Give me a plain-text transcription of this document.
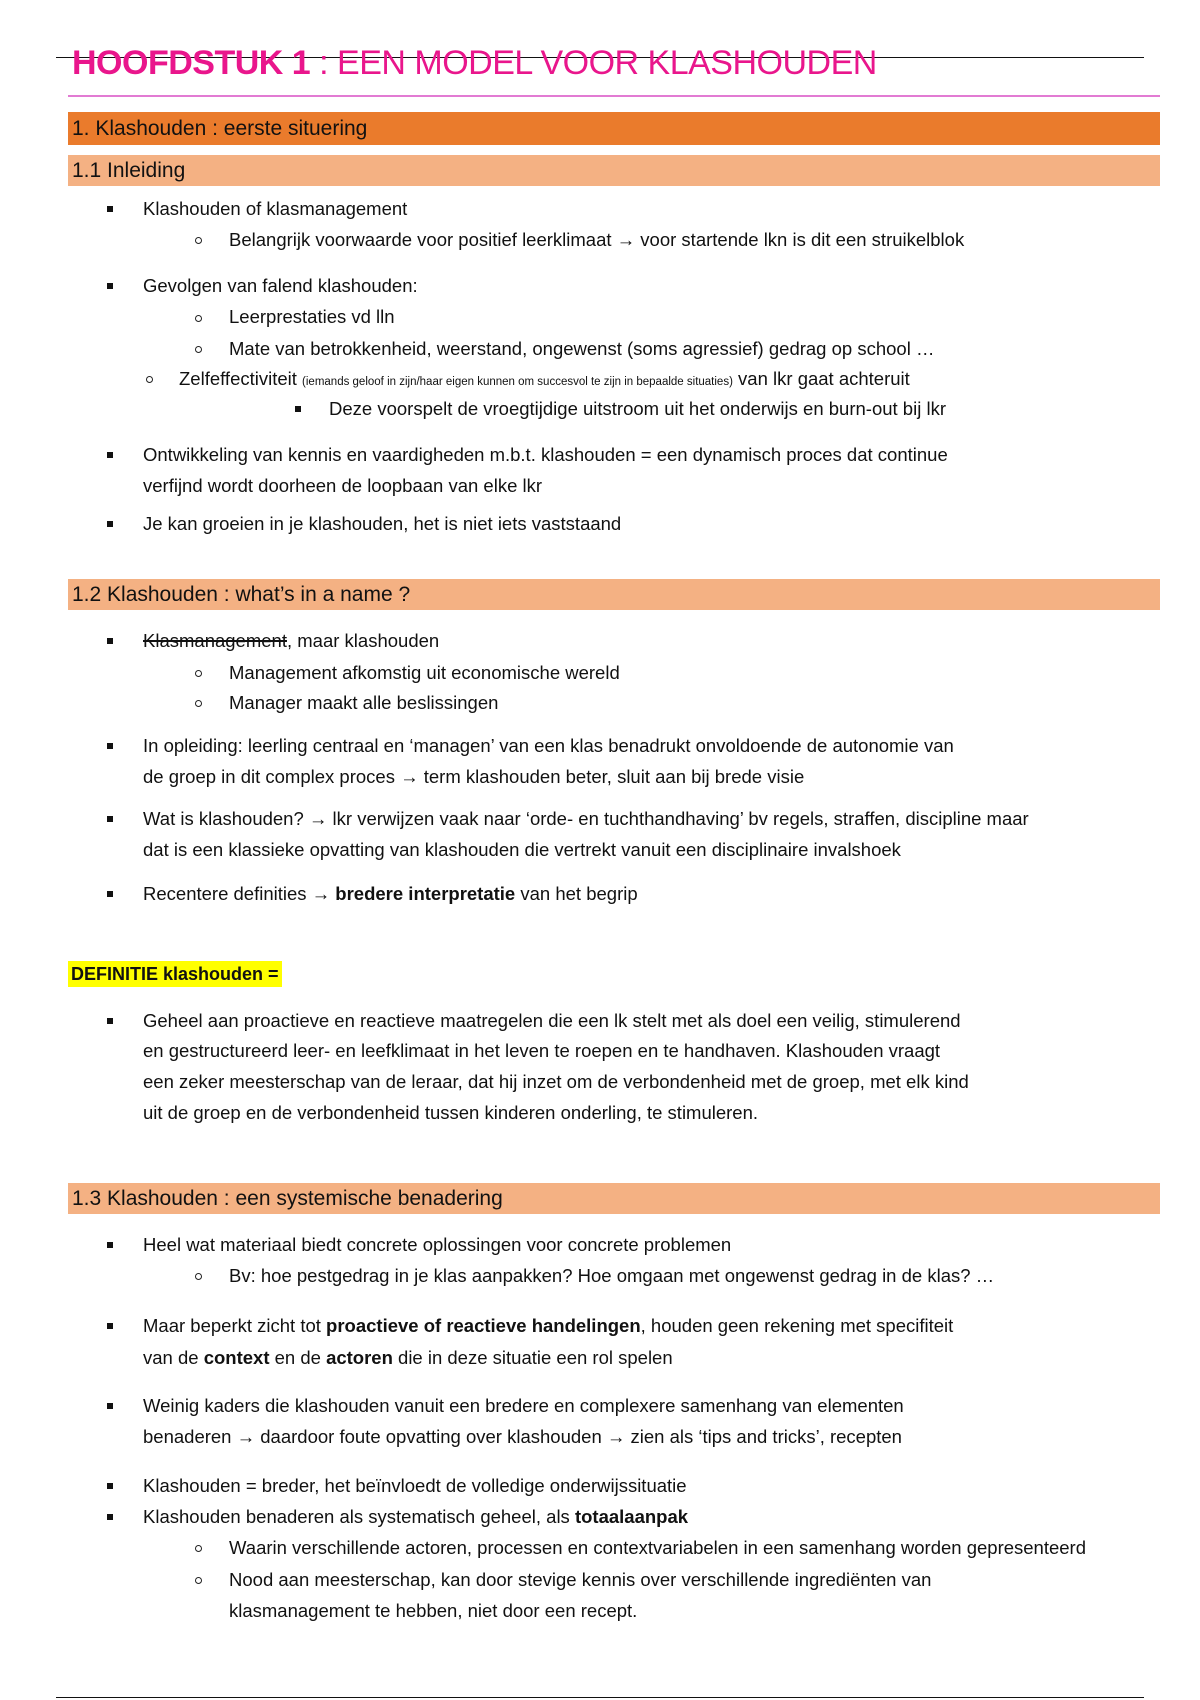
HOOFDSTUK 1 : EEN MODEL VOOR KLASHOUDEN
1. Klashouden : eerste situering
1.1 Inleiding
Klashouden of klasmanagement
Belangrijk voorwaarde voor positief leerklimaat → voor startende lkn is dit een struikelblok
Gevolgen van falend klashouden:
Leerprestaties vd lln
Mate van betrokkenheid, weerstand, ongewenst (soms agressief) gedrag op school …
Zelfeffectiviteit (iemands geloof in zijn/haar eigen kunnen om succesvol te zijn in bepaalde situaties) van lkr gaat achteruit
Deze voorspelt de vroegtijdige uitstroom uit het onderwijs en burn-out bij lkr
Ontwikkeling van kennis en vaardigheden m.b.t. klashouden = een dynamisch proces dat continue
verfijnd wordt doorheen de loopbaan van elke lkr
Je kan groeien in je klashouden, het is niet iets vaststaand
1.2 Klashouden : what’s in a name ?
Klasmanagement, maar klashouden
Management afkomstig uit economische wereld
Manager maakt alle beslissingen
In opleiding: leerling centraal en ‘managen’ van een klas benadrukt onvoldoende de autonomie van
de groep in dit complex proces → term klashouden beter, sluit aan bij brede visie
Wat is klashouden? → lkr verwijzen vaak naar ‘orde- en tuchthandhaving’ bv regels, straffen, discipline maar
dat is een klassieke opvatting van klashouden die vertrekt vanuit een disciplinaire invalshoek
Recentere definities → bredere interpretatie van het begrip
DEFINITIE klashouden =
Geheel aan proactieve en reactieve maatregelen die een lk stelt met als doel een veilig, stimulerend
en gestructureerd leer- en leefklimaat in het leven te roepen en te handhaven. Klashouden vraagt
een zeker meesterschap van de leraar, dat hij inzet om de verbondenheid met de groep, met elk kind
uit de groep en de verbondenheid tussen kinderen onderling, te stimuleren.
1.3 Klashouden : een systemische benadering
Heel wat materiaal biedt concrete oplossingen voor concrete problemen
Bv: hoe pestgedrag in je klas aanpakken? Hoe omgaan met ongewenst gedrag in de klas? …
Maar beperkt zicht tot proactieve of reactieve handelingen, houden geen rekening met specifiteit
van de context en de actoren die in deze situatie een rol spelen
Weinig kaders die klashouden vanuit een bredere en complexere samenhang van elementen
benaderen → daardoor foute opvatting over klashouden → zien als ‘tips and tricks’, recepten
Klashouden = breder, het beïnvloedt de volledige onderwijssituatie
Klashouden benaderen als systematisch geheel, als totaalaanpak
Waarin verschillende actoren, processen en contextvariabelen in een samenhang worden gepresenteerd
Nood aan meesterschap, kan door stevige kennis over verschillende ingrediënten van
klasmanagement te hebben, niet door een recept.
